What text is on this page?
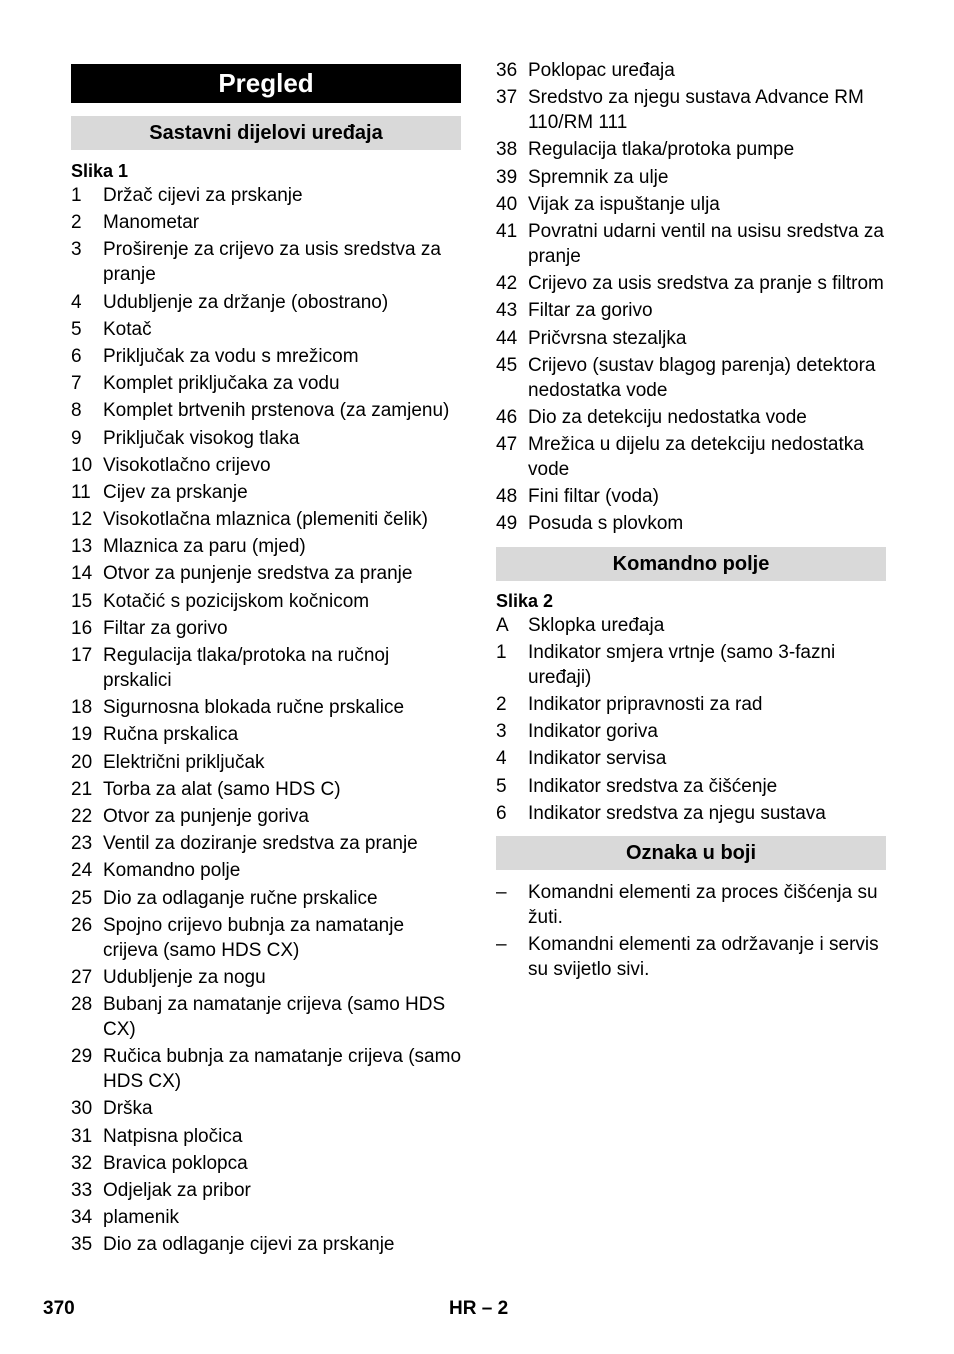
Pregled
Sastavni dijelovi uređaja
Slika 1
1	Držač cijevi za prskanje
2	Manometar
3	Proširenje za crijevo za usis sredstva za pranje
4	Udubljenje za držanje (obostrano)
5	Kotač
6	Priključak za vodu s mrežicom
7	Komplet priključaka za vodu
8	Komplet brtvenih prstenova (za zamjenu)
9	Priključak visokog tlaka
10 Visokotlačno crijevo
11 Cijev za prskanje
12 Visokotlačna mlaznica (plemeniti čelik)
13 Mlaznica za paru (mjed)
14 Otvor za punjenje sredstva za pranje
15 Kotačić s pozicijskom kočnicom
16 Filtar za gorivo
17 Regulacija tlaka/protoka na ručnoj prskalici
18 Sigurnosna blokada ručne prskalice
19 Ručna prskalica
20 Električni priključak
21 Torba za alat (samo HDS C)
22 Otvor za punjenje goriva
23 Ventil za doziranje sredstva za pranje
24 Komandno polje
25 Dio za odlaganje ručne prskalice
26 Spojno crijevo bubnja za namatanje crijeva (samo HDS CX)
27 Udubljenje za nogu
28 Bubanj za namatanje crijeva (samo HDS CX)
29 Ručica bubnja za namatanje crijeva (samo HDS CX)
30 Drška
31 Natpisna pločica
32 Bravica poklopca
33 Odjeljak za pribor
34 plamenik
35 Dio za odlaganje cijevi za prskanje
36 Poklopac uređaja
37 Sredstvo za njegu sustava Advance RM 110/RM 111
38 Regulacija tlaka/protoka pumpe
39 Spremnik za ulje
40 Vijak za ispuštanje ulja
41 Povratni udarni ventil na usisu sredstva za pranje
42 Crijevo za usis sredstva za pranje s filtrom
43 Filtar za gorivo
44 Pričvrsna stezaljka
45 Crijevo (sustav blagog parenja) detektora nedostatka vode
46 Dio za detekciju nedostatka vode
47 Mrežica u dijelu za detekciju nedostatka vode
48 Fini filtar (voda)
49 Posuda s plovkom
Komandno polje
Slika 2
A	Sklopka uređaja
1	Indikator smjera vrtnje (samo 3-fazni uređaji)
2	Indikator pripravnosti za rad
3	Indikator goriva
4	Indikator servisa
5	Indikator sredstva za čišćenje
6	Indikator sredstva za njegu sustava
Oznaka u boji
–	Komandni elementi za proces čišćenja su žuti.
–	Komandni elementi za održavanje i servis su svijetlo sivi.
370	HR – 2
